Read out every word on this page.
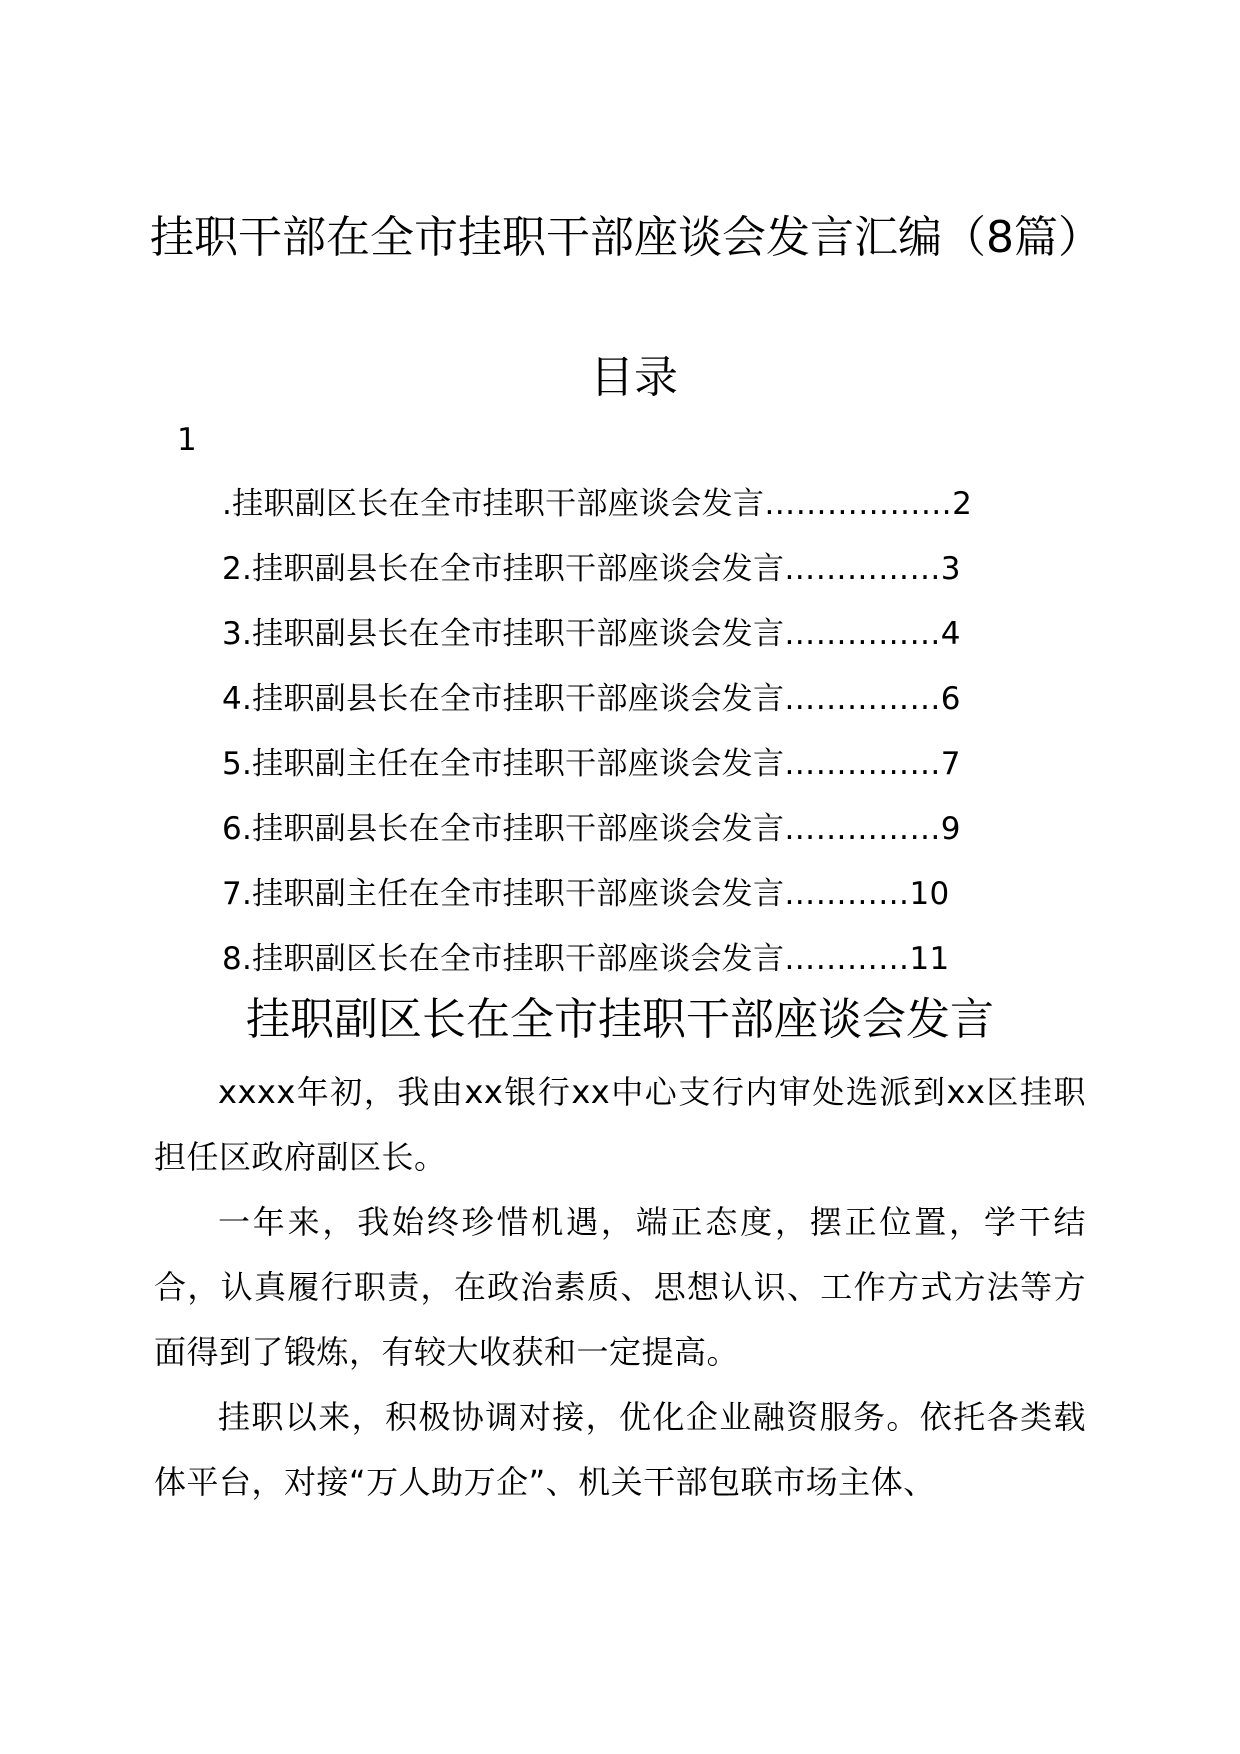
挂职干部在全市挂职干部座谈会发言汇编（8篇）
目录
1
.挂职副区长在全市挂职干部座谈会发言………………2
2.挂职副县长在全市挂职干部座谈会发言……………3
3.挂职副县长在全市挂职干部座谈会发言……………4
4.挂职副县长在全市挂职干部座谈会发言……………6
5.挂职副主任在全市挂职干部座谈会发言……………7
6.挂职副县长在全市挂职干部座谈会发言……………9
7.挂职副主任在全市挂职干部座谈会发言…………10
8.挂职副区长在全市挂职干部座谈会发言…………11
挂职副区长在全市挂职干部座谈会发言

xxxx年初，我由xx银行xx中心支行内审处选派到xx区挂职担任区政府副区长。

一年来，我始终珍惜机遇，端正态度，摆正位置，学干结合，认真履行职责，在政治素质、思想认识、工作方式方法等方面得到了锻炼，有较大收获和一定提高。

挂职以来，积极协调对接，优化企业融资服务。依托各类载体平台，对接“万人助万企”、机关干部包联市场主体、
